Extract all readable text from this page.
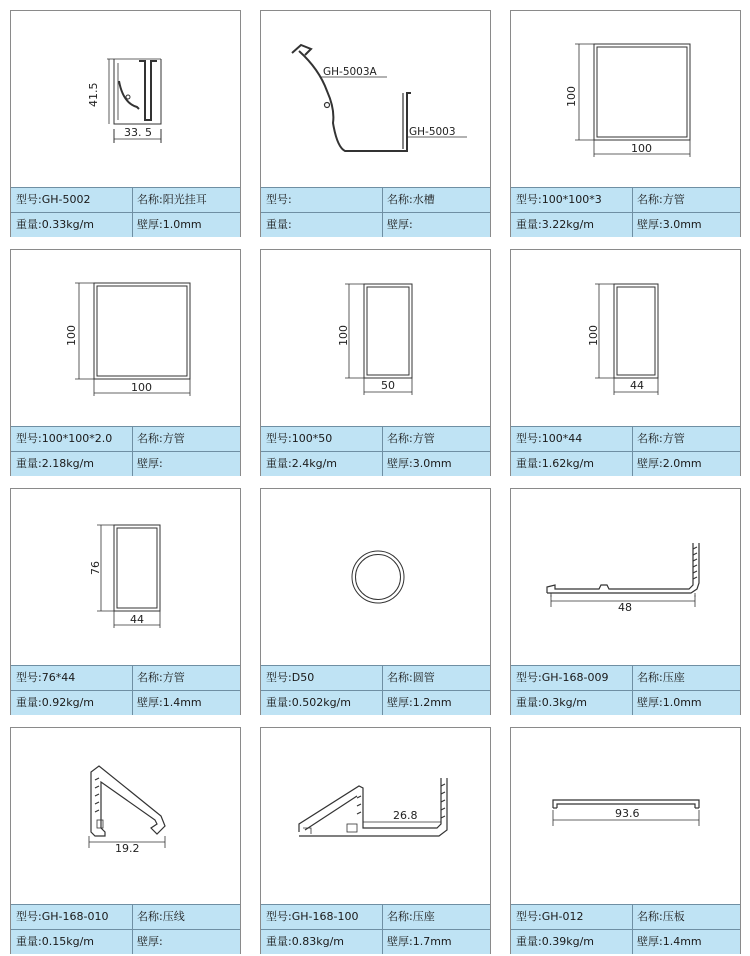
41.5
33. 5
型号:GH-5002	名称:阳光挂耳
重量:0.33kg/m	壁厚:1.0mm
GH-5003A
GH-5003
型号:	名称:水槽
重量:	壁厚:
100
100
型号:100*100*3	名称:方管
重量:3.22kg/m	壁厚:3.0mm
100
100
型号:100*100*2.0	名称:方管
重量:2.18kg/m	壁厚:
100
50
型号:100*50	名称:方管
重量:2.4kg/m	壁厚:3.0mm
100
44
型号:100*44	名称:方管
重量:1.62kg/m	壁厚:2.0mm
76
44
型号:76*44	名称:方管
重量:0.92kg/m	壁厚:1.4mm
型号:D50	名称:圆管
重量:0.502kg/m	壁厚:1.2mm
48
型号:GH-168-009	名称:压座
重量:0.3kg/m	壁厚:1.0mm
19.2
型号:GH-168-010	名称:压线
重量:0.15kg/m	壁厚:
26.8
型号:GH-168-100	名称:压座
重量:0.83kg/m	壁厚:1.7mm
93.6
型号:GH-012	名称:压板
重量:0.39kg/m	壁厚:1.4mm
